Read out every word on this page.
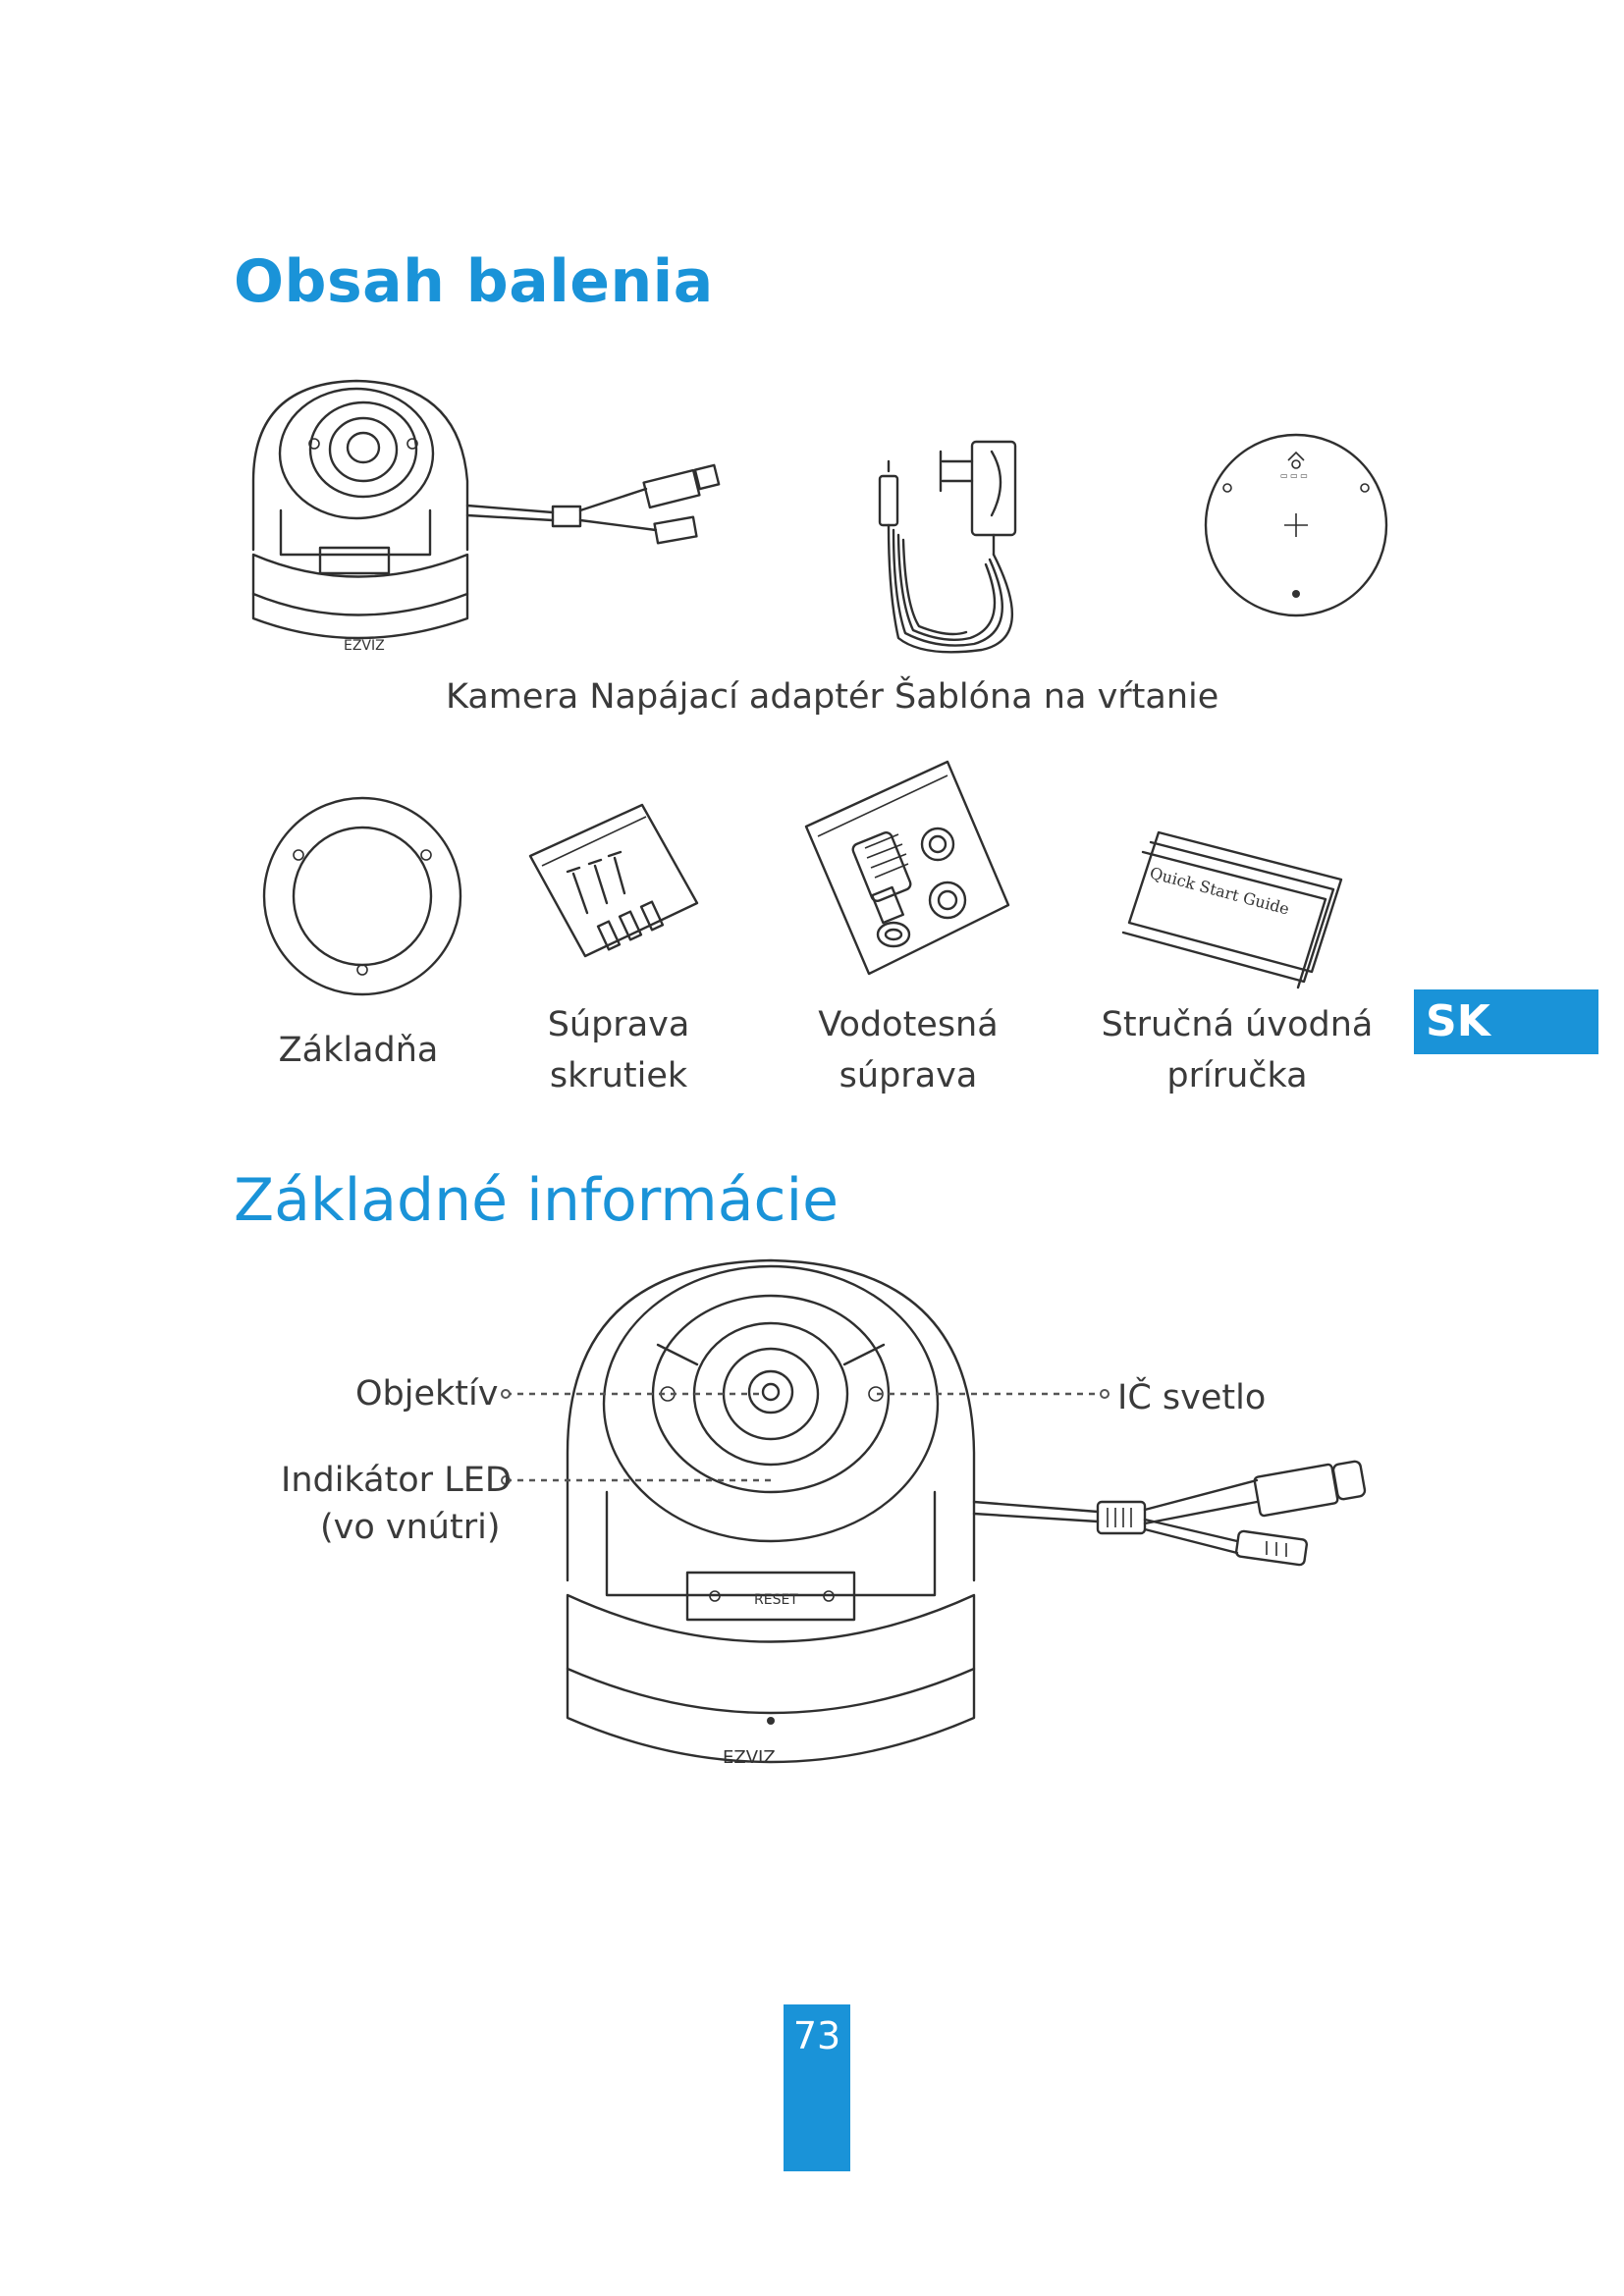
Obsah balenia
EZVIZ
▭ ▭ ▭
Kamera Napájací adaptér Šablóna na vŕtanie
Quick Start Guide
Základňa
Súprava
skrutiek
Vodotesná
súprava
Stručná úvodná
príručka
SK
Základné informácie
RESET
EZVIZ
Objektív	IČ svetlo
Indikátor LED
(vo vnútri)
73
